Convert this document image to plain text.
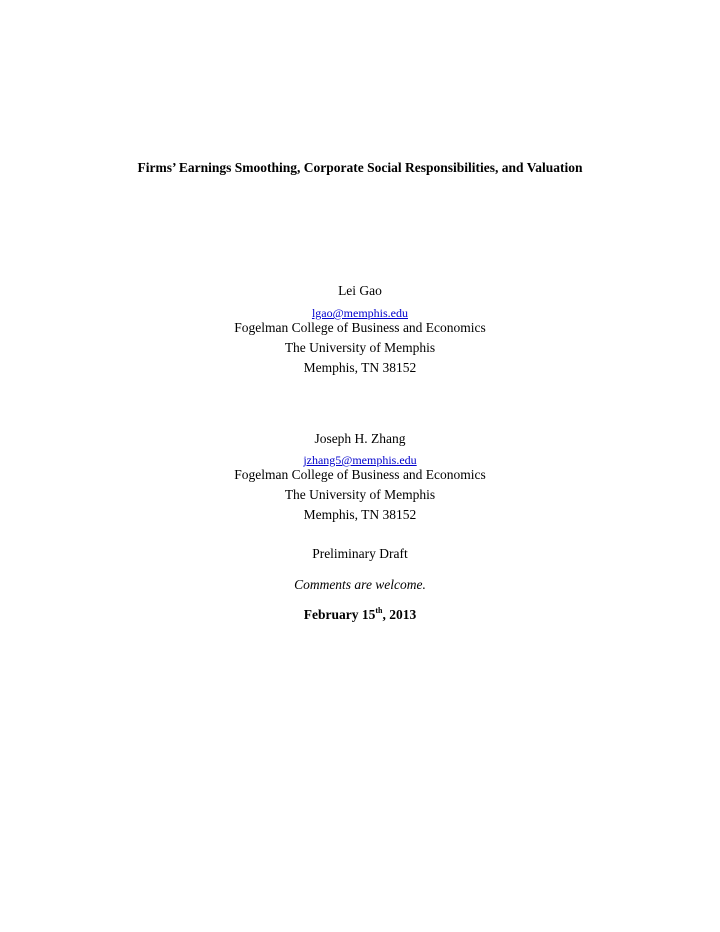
Firms’ Earnings Smoothing, Corporate Social Responsibilities, and Valuation
Lei Gao
lgao@memphis.edu
Fogelman College of Business and Economics
The University of Memphis
Memphis, TN 38152
Joseph H. Zhang
jzhang5@memphis.edu
Fogelman College of Business and Economics
The University of Memphis
Memphis, TN 38152
Preliminary Draft
Comments are welcome.
February 15th, 2013
